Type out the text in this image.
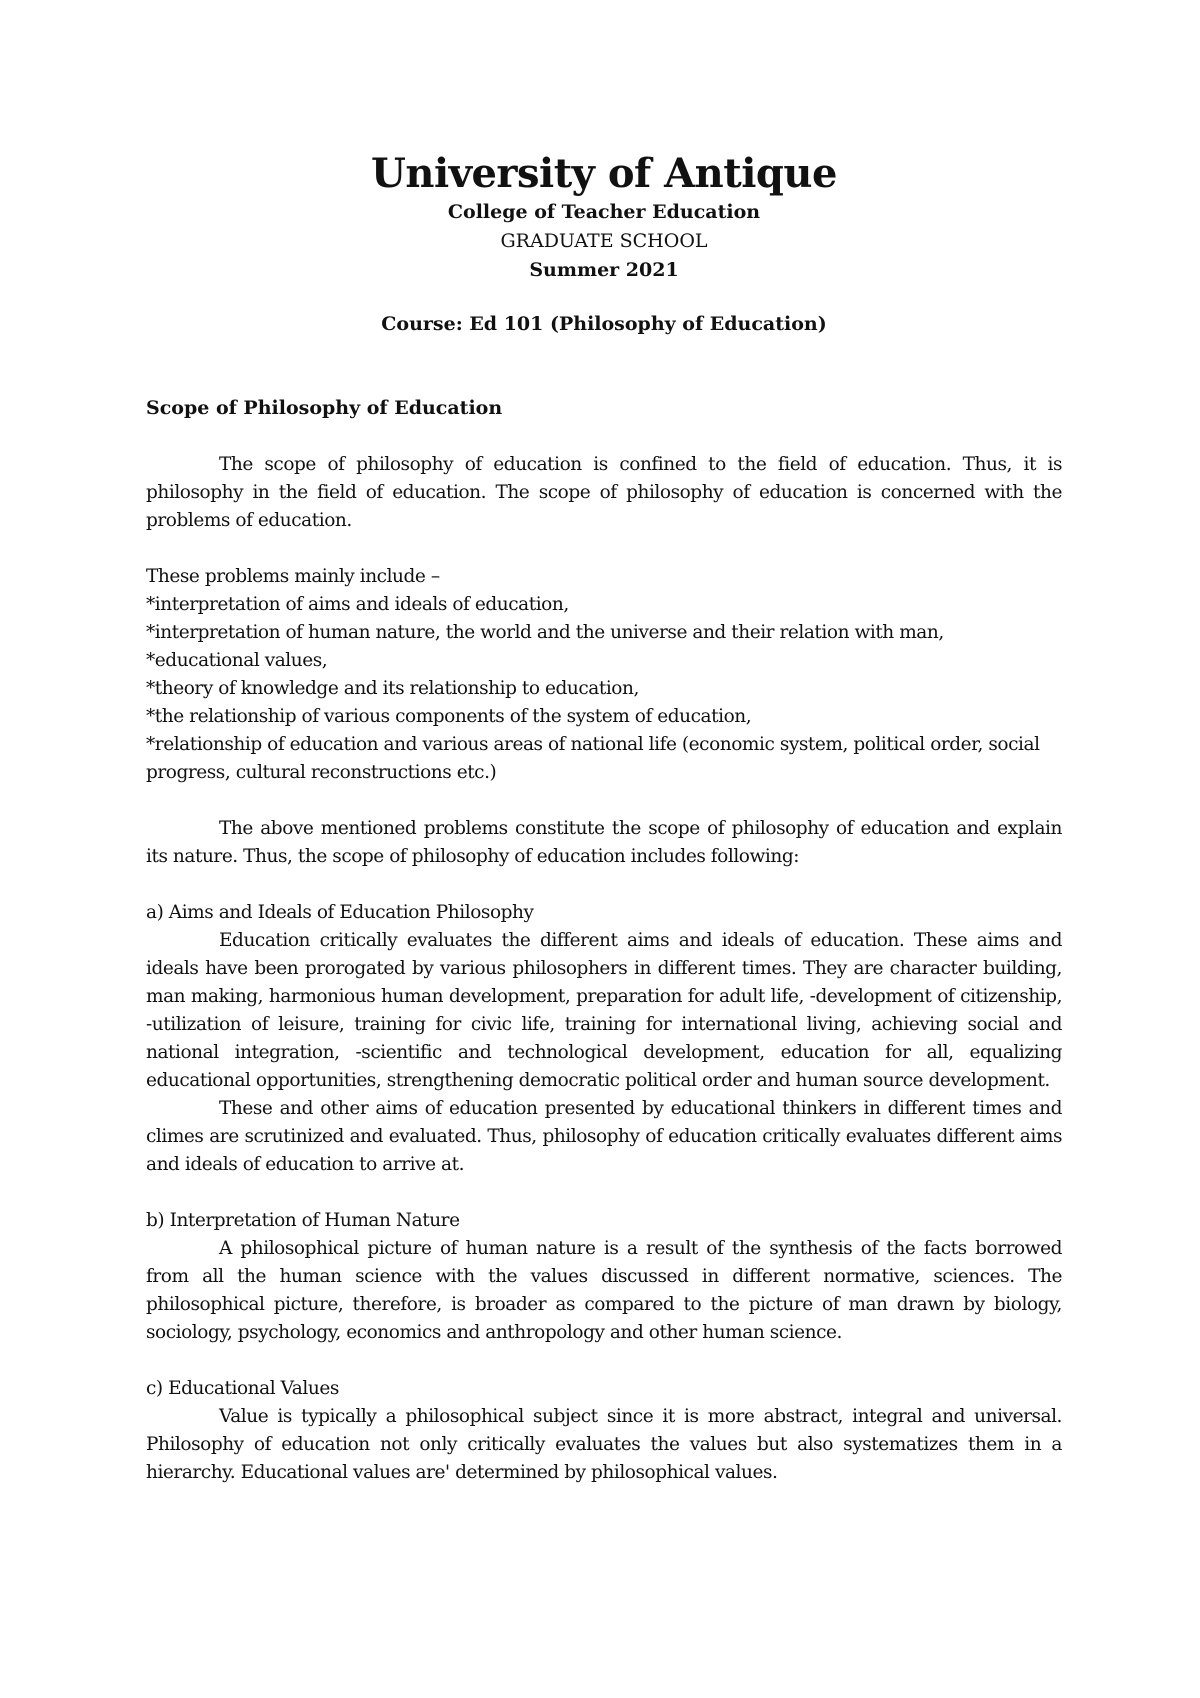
University of Antique
College of Teacher Education
GRADUATE SCHOOL
Summer 2021
Course: Ed 101 (Philosophy of Education)
Scope of Philosophy of Education

The scope of philosophy of education is confined to the field of education. Thus, it is philosophy in the field of education. The scope of philosophy of education is concerned with the problems of education.

These problems mainly include –

*interpretation of aims and ideals of education,

*interpretation of human nature, the world and the universe and their relation with man,

*educational values,

*theory of knowledge and its relationship to education,

*the relationship of various components of the system of education,

*relationship of education and various areas of national life (economic system, political order, social progress, cultural reconstructions etc.)

The above mentioned problems constitute the scope of philosophy of education and explain its nature. Thus, the scope of philosophy of education includes following:

a) Aims and Ideals of Education Philosophy

Education critically evaluates the different aims and ideals of education. These aims and ideals have been prorogated by various philosophers in different times. They are character building, man making, harmonious human development, preparation for adult life, -development of citizenship, -utilization of leisure, training for civic life, training for international living, achieving social and national integration, -scientific and technological development, education for all, equalizing educational opportunities, strengthening democratic political order and human source development.

These and other aims of education presented by educational thinkers in different times and climes are scrutinized and evaluated. Thus, philosophy of education critically evaluates different aims and ideals of education to arrive at.

b) Interpretation of Human Nature

A philosophical picture of human nature is a result of the synthesis of the facts borrowed from all the human science with the values discussed in different normative, sciences. The philosophical picture, therefore, is broader as compared to the picture of man drawn by biology, sociology, psychology, economics and anthropology and other human science.

c) Educational Values

Value is typically a philosophical subject since it is more abstract, integral and universal. Philosophy of education not only critically evaluates the values but also systematizes them in a hierarchy. Educational values are' determined by philosophical values.
